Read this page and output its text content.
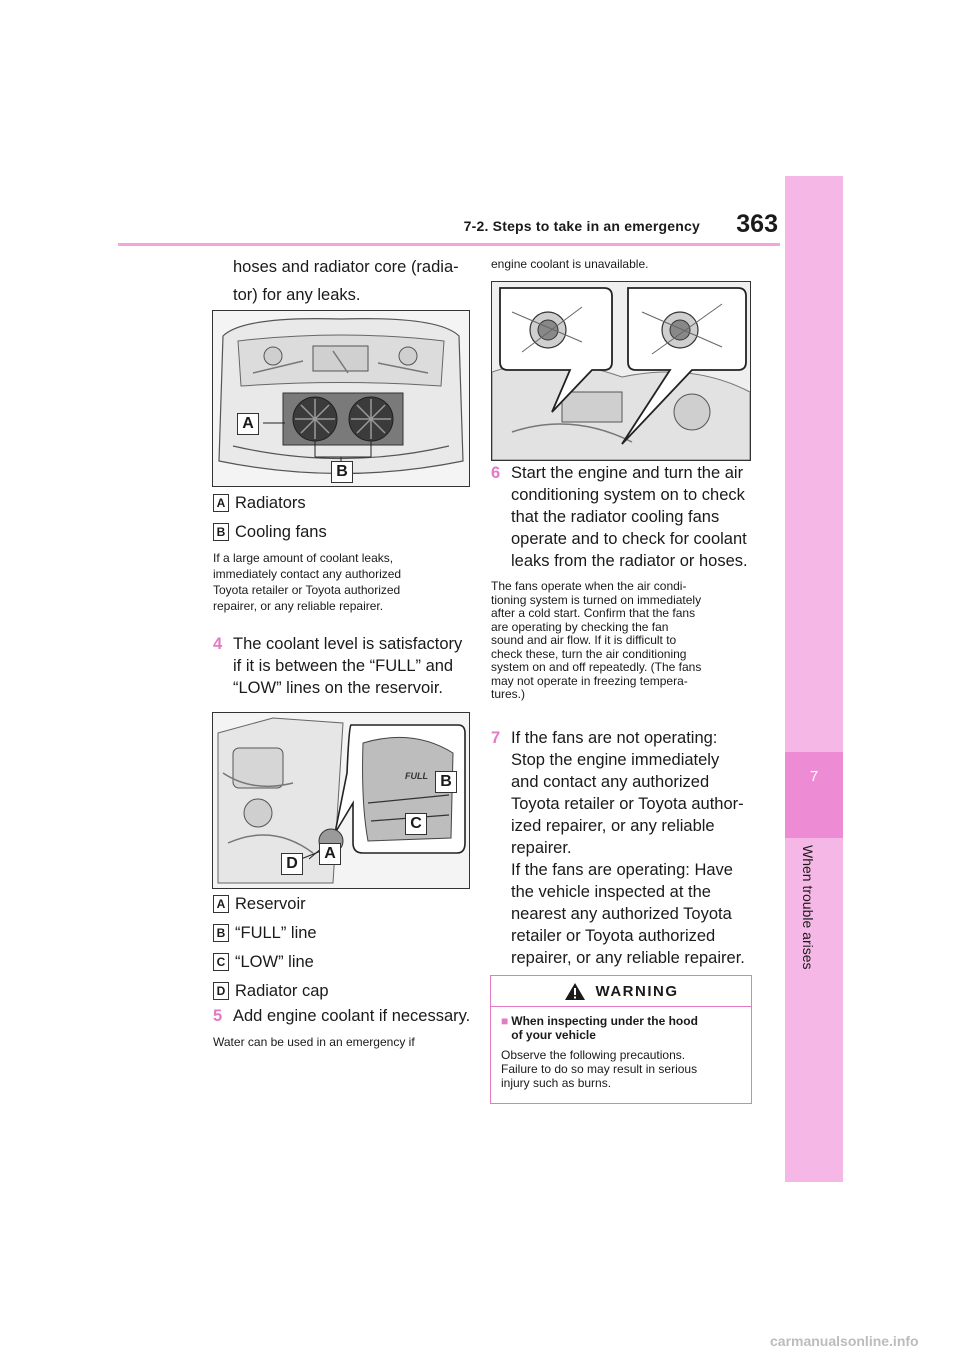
7-2. Steps to take in an emergency	363
7
When trouble arises
hoses and radiator core (radia-
tor) for any leaks.
A
B
A Radiators
B Cooling fans
If a large amount of coolant leaks,
immediately contact any authorized
Toyota retailer or Toyota authorized
repairer, or any reliable repairer.
4 The coolant level is satisfactory
if it is between the “FULL” and
“LOW” lines on the reservoir.
FULL B
C
A
D
A Reservoir
B “FULL” line
C “LOW” line
D Radiator cap
5 Add engine coolant if necessary.
Water can be used in an emergency if
engine coolant is unavailable.
6 Start the engine and turn the air
conditioning system on to check
that the radiator cooling fans
operate and to check for coolant
leaks from the radiator or hoses.
The fans operate when the air condi-
tioning system is turned on immediately
after a cold start. Confirm that the fans
are operating by checking the fan
sound and air flow. If it is difficult to
check these, turn the air conditioning
system on and off repeatedly. (The fans
may not operate in freezing tempera-
tures.)
7 If the fans are not operating:
Stop the engine immediately
and contact any authorized
Toyota retailer or Toyota author-
ized repairer, or any reliable
repairer.
If the fans are operating: Have
the vehicle inspected at the
nearest any authorized Toyota
retailer or Toyota authorized
repairer, or any reliable repairer.
WARNING
■ When inspecting under the hood
of your vehicle
Observe the following precautions.
Failure to do so may result in serious
injury such as burns.
carmanualsonline.info
